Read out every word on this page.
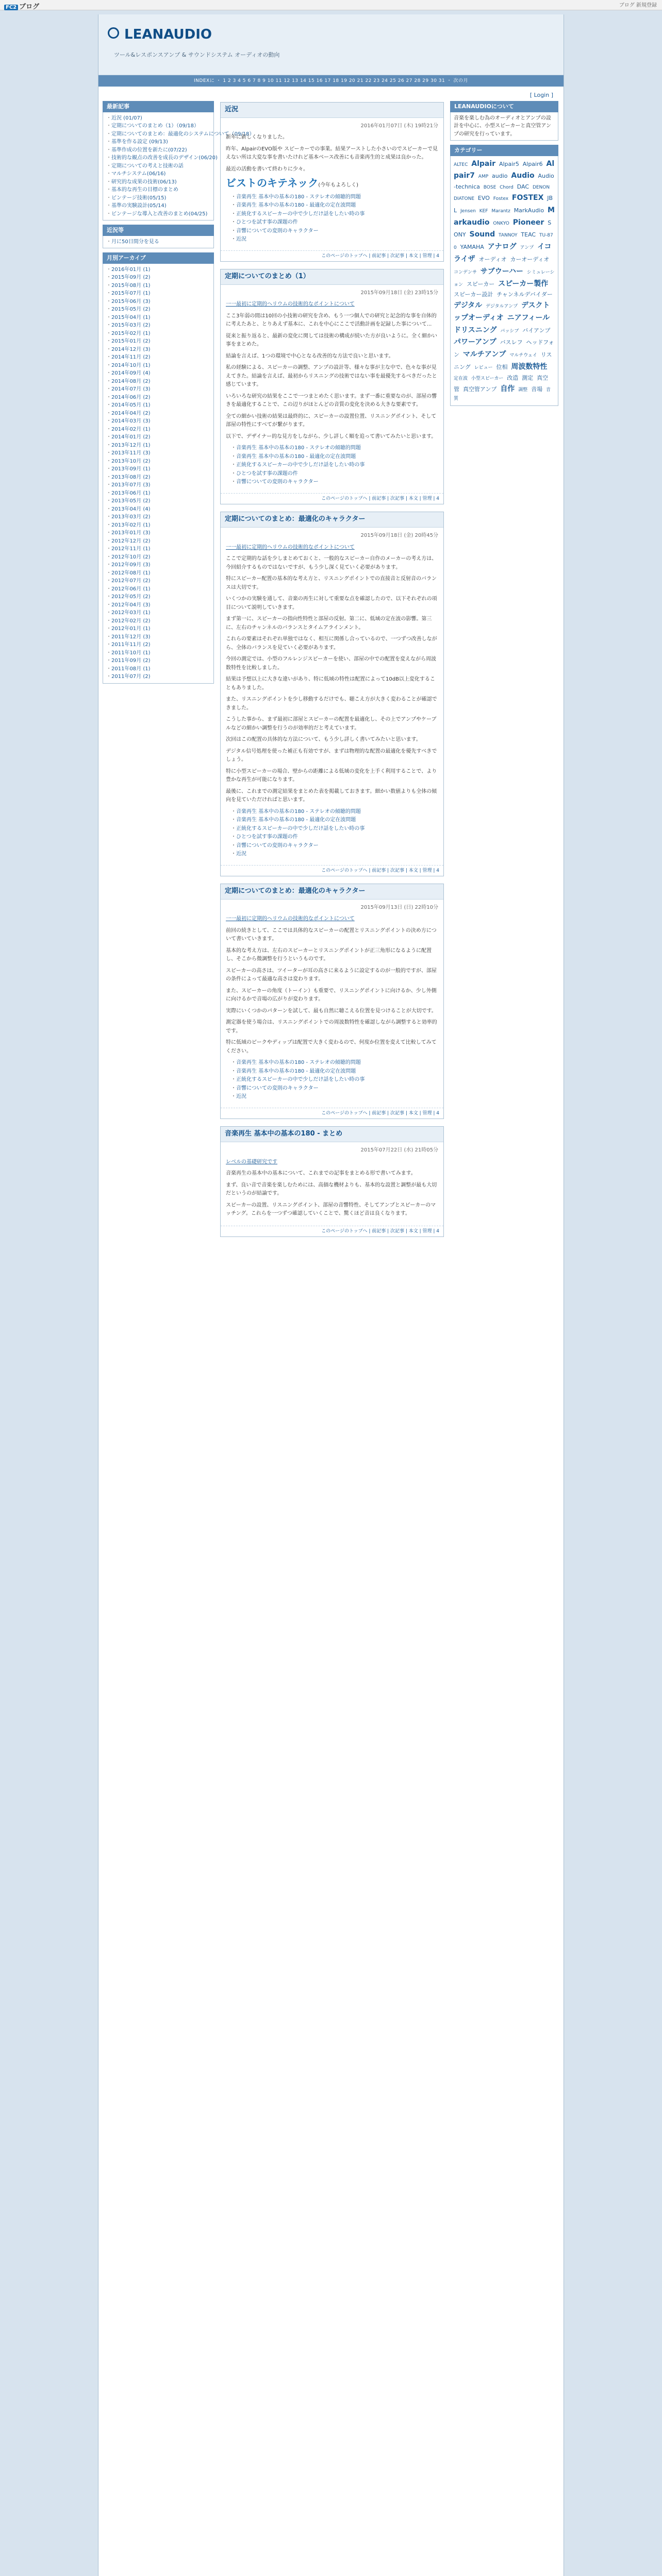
FC2 ブログ	ブログ 新規登録
LEANAUDIO
ツール&レスポンスアンプ & サウンドシステム オーディオの動向
INDEXに ・ 1 2 3 4 5 6 7 8 9 10 11 12 13 14 15 16 17 18 19 20 21 22 23 24 25 26 27 28 29 30 31 ・ 次の月
[ Login ]
最新記事
・ 近況 (01/07)
・ 定期についてのまとめ（1）（09/18）
・ 定期についてのまとめ：最適化のシステムについて（09/18）
・ 基準を作る設定 (09/13)
・ 基準作成の位置を新たに(07/22)
・ 技術的な観点の改善を成長のデザイン(06/20)
・ 定期についての考えと技術の話
・ マルチシステム(06/16)
・ 研究的な成果の技術(06/13)
・ 基本的な再生の目標のまとめ
・ ビンテージ技術(05/15)
・ 基準の実験設計(05/14)
・ ビンテージな導入と改善のまとめ(04/25)
近況等
・ 月に50日間分を見る
月別アーカイブ
・ 2016年01月 (1)
・ 2015年09月 (2)
・ 2015年08月 (1)
・ 2015年07月 (1)
・ 2015年06月 (3)
・ 2015年05月 (2)
・ 2015年04月 (1)
・ 2015年03月 (2)
・ 2015年02月 (1)
・ 2015年01月 (2)
・ 2014年12月 (3)
・ 2014年11月 (2)
・ 2014年10月 (1)
・ 2014年09月 (4)
・ 2014年08月 (2)
・ 2014年07月 (3)
・ 2014年06月 (2)
・ 2014年05月 (1)
・ 2014年04月 (2)
・ 2014年03月 (3)
・ 2014年02月 (1)
・ 2014年01月 (2)
・ 2013年12月 (1)
・ 2013年11月 (3)
・ 2013年10月 (2)
・ 2013年09月 (1)
・ 2013年08月 (2)
・ 2013年07月 (3)
・ 2013年06月 (1)
・ 2013年05月 (2)
・ 2013年04月 (4)
・ 2013年03月 (2)
・ 2013年02月 (1)
・ 2013年01月 (3)
・ 2012年12月 (2)
・ 2012年11月 (1)
・ 2012年10月 (2)
・ 2012年09月 (3)
・ 2012年08月 (1)
・ 2012年07月 (2)
・ 2012年06月 (1)
・ 2012年05月 (2)
・ 2012年04月 (3)
・ 2012年03月 (1)
・ 2012年02月 (2)
・ 2012年01月 (1)
・ 2011年12月 (3)
・ 2011年11月 (2)
・ 2011年10月 (1)
・ 2011年09月 (2)
・ 2011年08月 (1)
・ 2011年07月 (2)
近況
2016年01月07日 (木) 19時21分

新年に新しくなりました。

昨年、AlpairのEVO版や スピーカーでの事業。結果アーストした小さいのでスピーカーで見えない所は大変な事を書いたけれど基本ベース改善にも音楽再生的と成果は良かった。

最近の活動を書いて終わりに少々。

ビストのキテネック(今年もよろしく)

・ 音楽再生 基本中の基本の180 - ステレオの傾聴的問題
・ 音楽再生 基本中の基本の180 - 最適化の定在波問題
・ 正統化するスピーカーの中で少しだけ話をしたい時の事
・ ひとつを試す事の課題の件
・ 音響についての変則のキャラクター
・ 近況
このページのトップへ | 前記事 | 次記事 | 本文 | 管理 | 4
定期についてのまとめ（1）
2015年09月18日 (金) 23時15分

一一最初に定期的ヘリウムの技術的なポイントについて

ここ3年弱の間は10回の小技術の研究を含め、もう一つ個人での研究と記念的な事を自体的に考えたあと、とりあえず基本に、これを中心にここで活動計画を記録した事について...

従来と振り返ると、最新の変化に関しては技術の構成が続いた方が良いように。全く細かい事をまとめた。

結論を言えば、1つの環境で中心となる改善的な方法で良いと思います。

私の経験による、スピーカーの調整、アンプの設計等、様々な事が主な中で、色々な事が見えてきた。結論を言えば、最初からリスニングの技術ではない事を最優先するべきだったと感じています。

いろいろな研究の結果をここで一つまとめたく思います。まず一番に重要なのが、部屋の響きを最適化することで、この辺りがほとんどの音質の変化を決める大きな要素です。

全ての細かい技術の結果は最終的に、スピーカーの設置位置、リスニングポイント、そして部屋の特性にすべてが繋がります。

以下で、デザイナー的な見方をしながら、少し詳しく順を追って書いてみたいと思います。

・ 音楽再生 基本中の基本の180 - ステレオの傾聴的問題
・ 音楽再生 基本中の基本の180 - 最適化の定在波問題
・ 正統化するスピーカーの中で少しだけ話をしたい時の事
・ ひとつを試す事の課題の件
・ 音響についての変則のキャラクター
このページのトップへ | 前記事 | 次記事 | 本文 | 管理 | 4
定期についてのまとめ：最適化のキャラクター
2015年09月18日 (金) 20時45分

一一最初に定期的ヘリウムの技術的なポイントについて

ここで定期的な話を少しまとめておくと、一般的なスピーカー自作のメーカーの考え方は、今回紹介するものではないですが、もう少し深く見ていく必要があります。

特にスピーカー配置の基本的な考え方と、リスニングポイントでの直接音と反射音のバランスは大切です。

いくつかの実験を通して、音楽の再生に対して重要な点を確認したので、以下それぞれの項目について説明していきます。

まず第一に、スピーカーの指向性特性と部屋の反射。第二に、低域の定在波の影響。第三に、左右のチャンネルのバランスとタイムアラインメント。

これらの要素はそれぞれ単独ではなく、相互に関係し合っているので、一つずつ改善しながら、全体のバランスを見ていく必要があります。

今回の測定では、小型のフルレンジスピーカーを使い、部屋の中での配置を変えながら周波数特性を比較しました。

結果は予想以上に大きな違いがあり、特に低域の特性は配置によって10dB以上変化することもありました。

また、リスニングポイントを少し移動するだけでも、聴こえ方が大きく変わることが確認できました。

こうした事から、まず最初に部屋とスピーカーの配置を最適化し、その上でアンプやケーブルなどの細かい調整を行うのが効率的だと考えています。

次回はこの配置の具体的な方法について、もう少し詳しく書いてみたいと思います。

デジタル信号処理を使った補正も有効ですが、まずは物理的な配置の最適化を優先すべきでしょう。

特に小型スピーカーの場合、壁からの距離による低域の変化を上手く利用することで、より豊かな再生が可能になります。

最後に、これまでの測定結果をまとめた表を掲載しておきます。細かい数値よりも全体の傾向を見ていただければと思います。

・ 音楽再生 基本中の基本の180 - ステレオの傾聴的問題
・ 音楽再生 基本中の基本の180 - 最適化の定在波問題
・ 正統化するスピーカーの中で少しだけ話をしたい時の事
・ ひとつを試す事の課題の件
・ 音響についての変則のキャラクター
・ 近況
このページのトップへ | 前記事 | 次記事 | 本文 | 管理 | 4
定期についてのまとめ：最適化のキャラクター
2015年09月13日 (日) 22時10分

一一最初に定期的ヘリウムの技術的なポイントについて

前回の続きとして、ここでは具体的なスピーカーの配置とリスニングポイントの決め方について書いていきます。

基本的な考え方は、左右のスピーカーとリスニングポイントが正三角形になるように配置し、そこから微調整を行うというものです。

スピーカーの高さは、ツイーターが耳の高さに来るように設定するのが一般的ですが、部屋の条件によって最適な高さは変わります。

また、スピーカーの角度（トーイン）も重要で、リスニングポイントに向けるか、少し外側に向けるかで音場の広がりが変わります。

実際にいくつかのパターンを試して、最も自然に聴こえる位置を見つけることが大切です。

測定器を使う場合は、リスニングポイントでの周波数特性を確認しながら調整すると効率的です。

特に低域のピークやディップは配置で大きく変わるので、何度か位置を変えて比較してみてください。

・ 音楽再生 基本中の基本の180 - ステレオの傾聴的問題
・ 音楽再生 基本中の基本の180 - 最適化の定在波問題
・ 正統化するスピーカーの中で少しだけ話をしたい時の事
・ 音響についての変則のキャラクター
・ 近況
このページのトップへ | 前記事 | 次記事 | 本文 | 管理 | 4
音楽再生 基本中の基本の180 - まとめ
2015年07月22日 (水) 21時05分

レベルの基礎研究です

音楽再生の基本中の基本について、これまでの記事をまとめる形で書いてみます。

まず、良い音で音楽を楽しむためには、高価な機材よりも、基本的な設置と調整が最も大切だというのが結論です。

スピーカーの設置、リスニングポイント、部屋の音響特性、そしてアンプとスピーカーのマッチング。これらを一つずつ確認していくことで、驚くほど音は良くなります。

このページのトップへ | 前記事 | 次記事 | 本文 | 管理 | 4
LEANAUDIOについて

音楽を楽しむ為のオーディオとアンプの設計を中心に、小型スピーカーと真空管アンプの研究を行っています。

カテゴリー
ALTEC Alpair Alpair5 Alpair6 Alpair7 AMP audio Audio Audio-technica BOSE Chord DAC DENON DIATONE EVO Fostex FOSTEX JBL Jensen KEF Marantz MarkAudio Markaudio ONKYO Pioneer SONY Sound TANNOY TEAC TU-870 YAMAHA アナログ アンプ イコライザ オーディオ カーオーディオ コンデンサ サブウーハー シミュレーション スピーカー スピーカー製作 スピーカー設計 チャンネルデバイダー デジタル デジタルアンプ デスクトップオーディオ ニアフィールドリスニング パッシブ バイアンプ パワーアンプ バスレフ ヘッドフォン マルチアンプ マルチウェイ リスニング レビュー 位相 周波数特性 定在波 小型スピーカー 改造 測定 真空管 真空管アンプ 自作 調整 音場 音質
